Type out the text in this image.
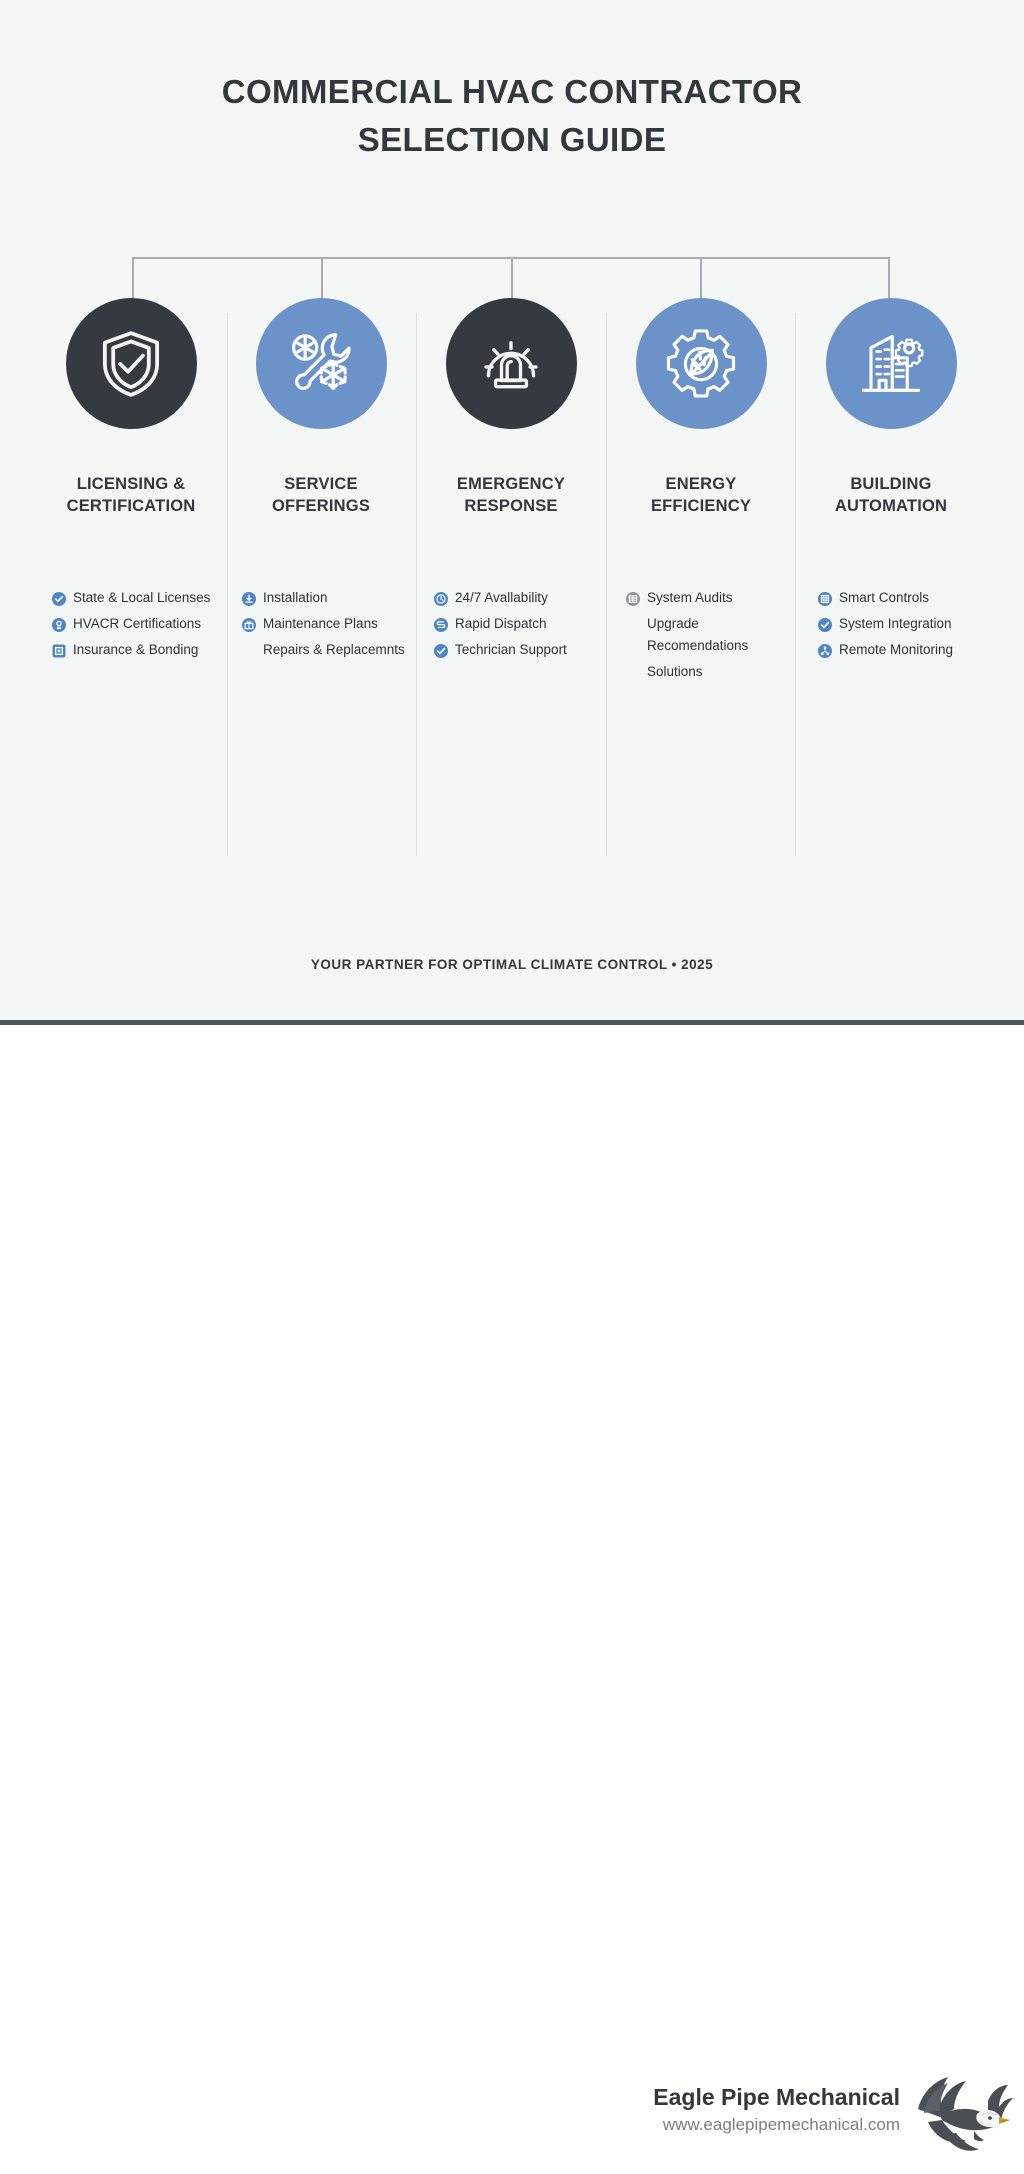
COMMERCIAL HVAC CONTRACTOR
SELECTION GUIDE
LICENSING &
CERTIFICATION
State & Local Licenses
HVACR Certifications
Insurance & Bonding
SERVICE
OFFERINGS
Installation
Maintenance Plans
Repairs & Replacemnts
EMERGENCY
RESPONSE
24/7 Avallability
Rapid Dispatch
Techrician Support
ENERGY
EFFICIENCY
System Audits
Upgrade Recomendations
Solutions
BUILDING
AUTOMATION
Smart Controls
System Integration
Remote Monitoring
YOUR PARTNER FOR OPTIMAL CLIMATE CONTROL • 2025
Eagle Pipe Mechanical
www.eaglepipemechanical.com
